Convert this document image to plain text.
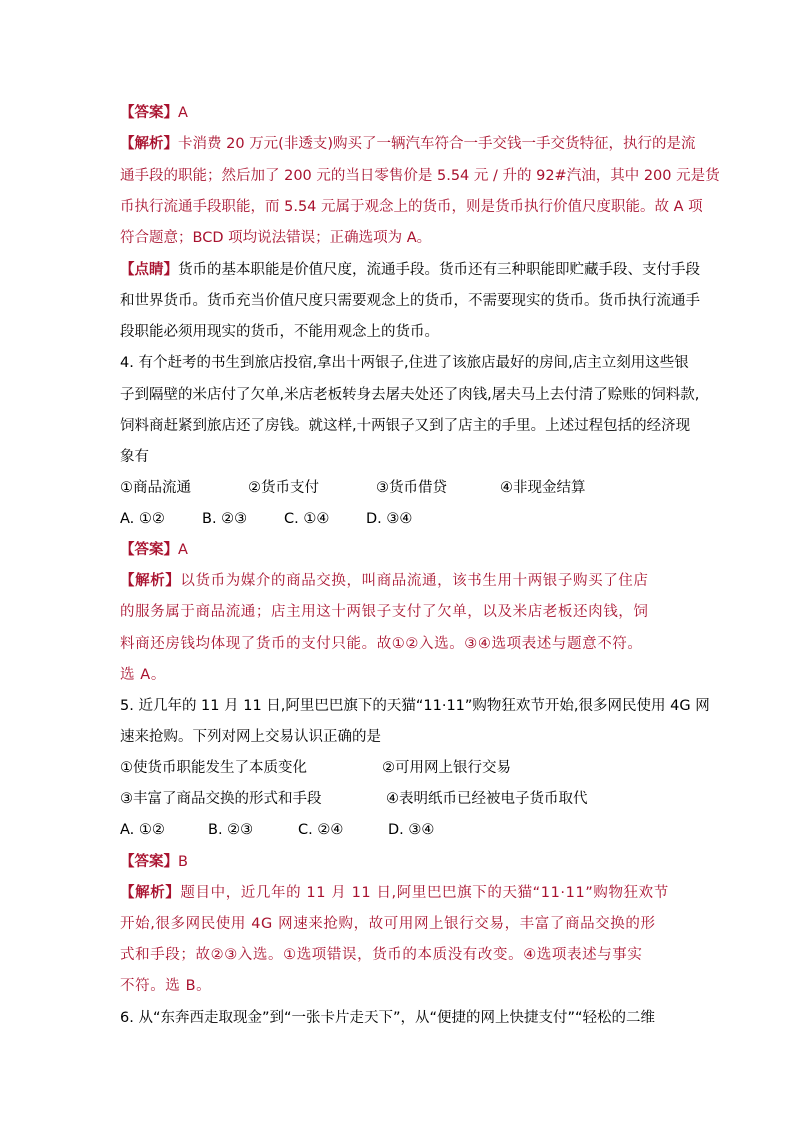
【答案】A
【解析】卡消费 20 万元(非透支)购买了一辆汽车符合一手交钱一手交货特征，执行的是流
通手段的职能；然后加了 200 元的当日零售价是 5.54 元 / 升的 92#汽油，其中 200 元是货
币执行流通手段职能，而 5.54 元属于观念上的货币，则是货币执行价值尺度职能。故 A 项
符合题意；BCD 项均说法错误；正确选项为 A。
【点睛】货币的基本职能是价值尺度，流通手段。货币还有三种职能即贮藏手段、支付手段
和世界货币。货币充当价值尺度只需要观念上的货币，不需要现实的货币。货币执行流通手
段职能必须用现实的货币，不能用观念上的货币。
4. 有个赶考的书生到旅店投宿,拿出十两银子,住进了该旅店最好的房间,店主立刻用这些银
子到隔壁的米店付了欠单,米店老板转身去屠夫处还了肉钱,屠夫马上去付清了赊账的饲料款,
饲料商赶紧到旅店还了房钱。就这样,十两银子又到了店主的手里。上述过程包括的经济现
象有
①商品流通	②货币支付	③货币借贷	④非现金结算
A. ①②	B. ②③	C. ①④	D. ③④
【答案】A
【解析】以货币为媒介的商品交换，叫商品流通，该书生用十两银子购买了住店
的服务属于商品流通；店主用这十两银子支付了欠单，以及米店老板还肉钱，饲
料商还房钱均体现了货币的支付只能。故①②入选。③④选项表述与题意不符。
选 A。
5. 近几年的 11 月 11 日,阿里巴巴旗下的天猫“11·11”购物狂欢节开始,很多网民使用 4G 网
速来抢购。下列对网上交易认识正确的是
①使货币职能发生了本质变化	②可用网上银行交易
③丰富了商品交换的形式和手段	④表明纸币已经被电子货币取代
A. ①②	B. ②③	C. ②④	D. ③④
【答案】B
【解析】题目中，近几年的 11 月 11 日,阿里巴巴旗下的天猫“11·11”购物狂欢节
开始,很多网民使用 4G 网速来抢购，故可用网上银行交易，丰富了商品交换的形
式和手段；故②③入选。①选项错误，货币的本质没有改变。④选项表述与事实
不符。选 B。
6. 从“东奔西走取现金”到“一张卡片走天下”，从“便捷的网上快捷支付”“轻松的二维
